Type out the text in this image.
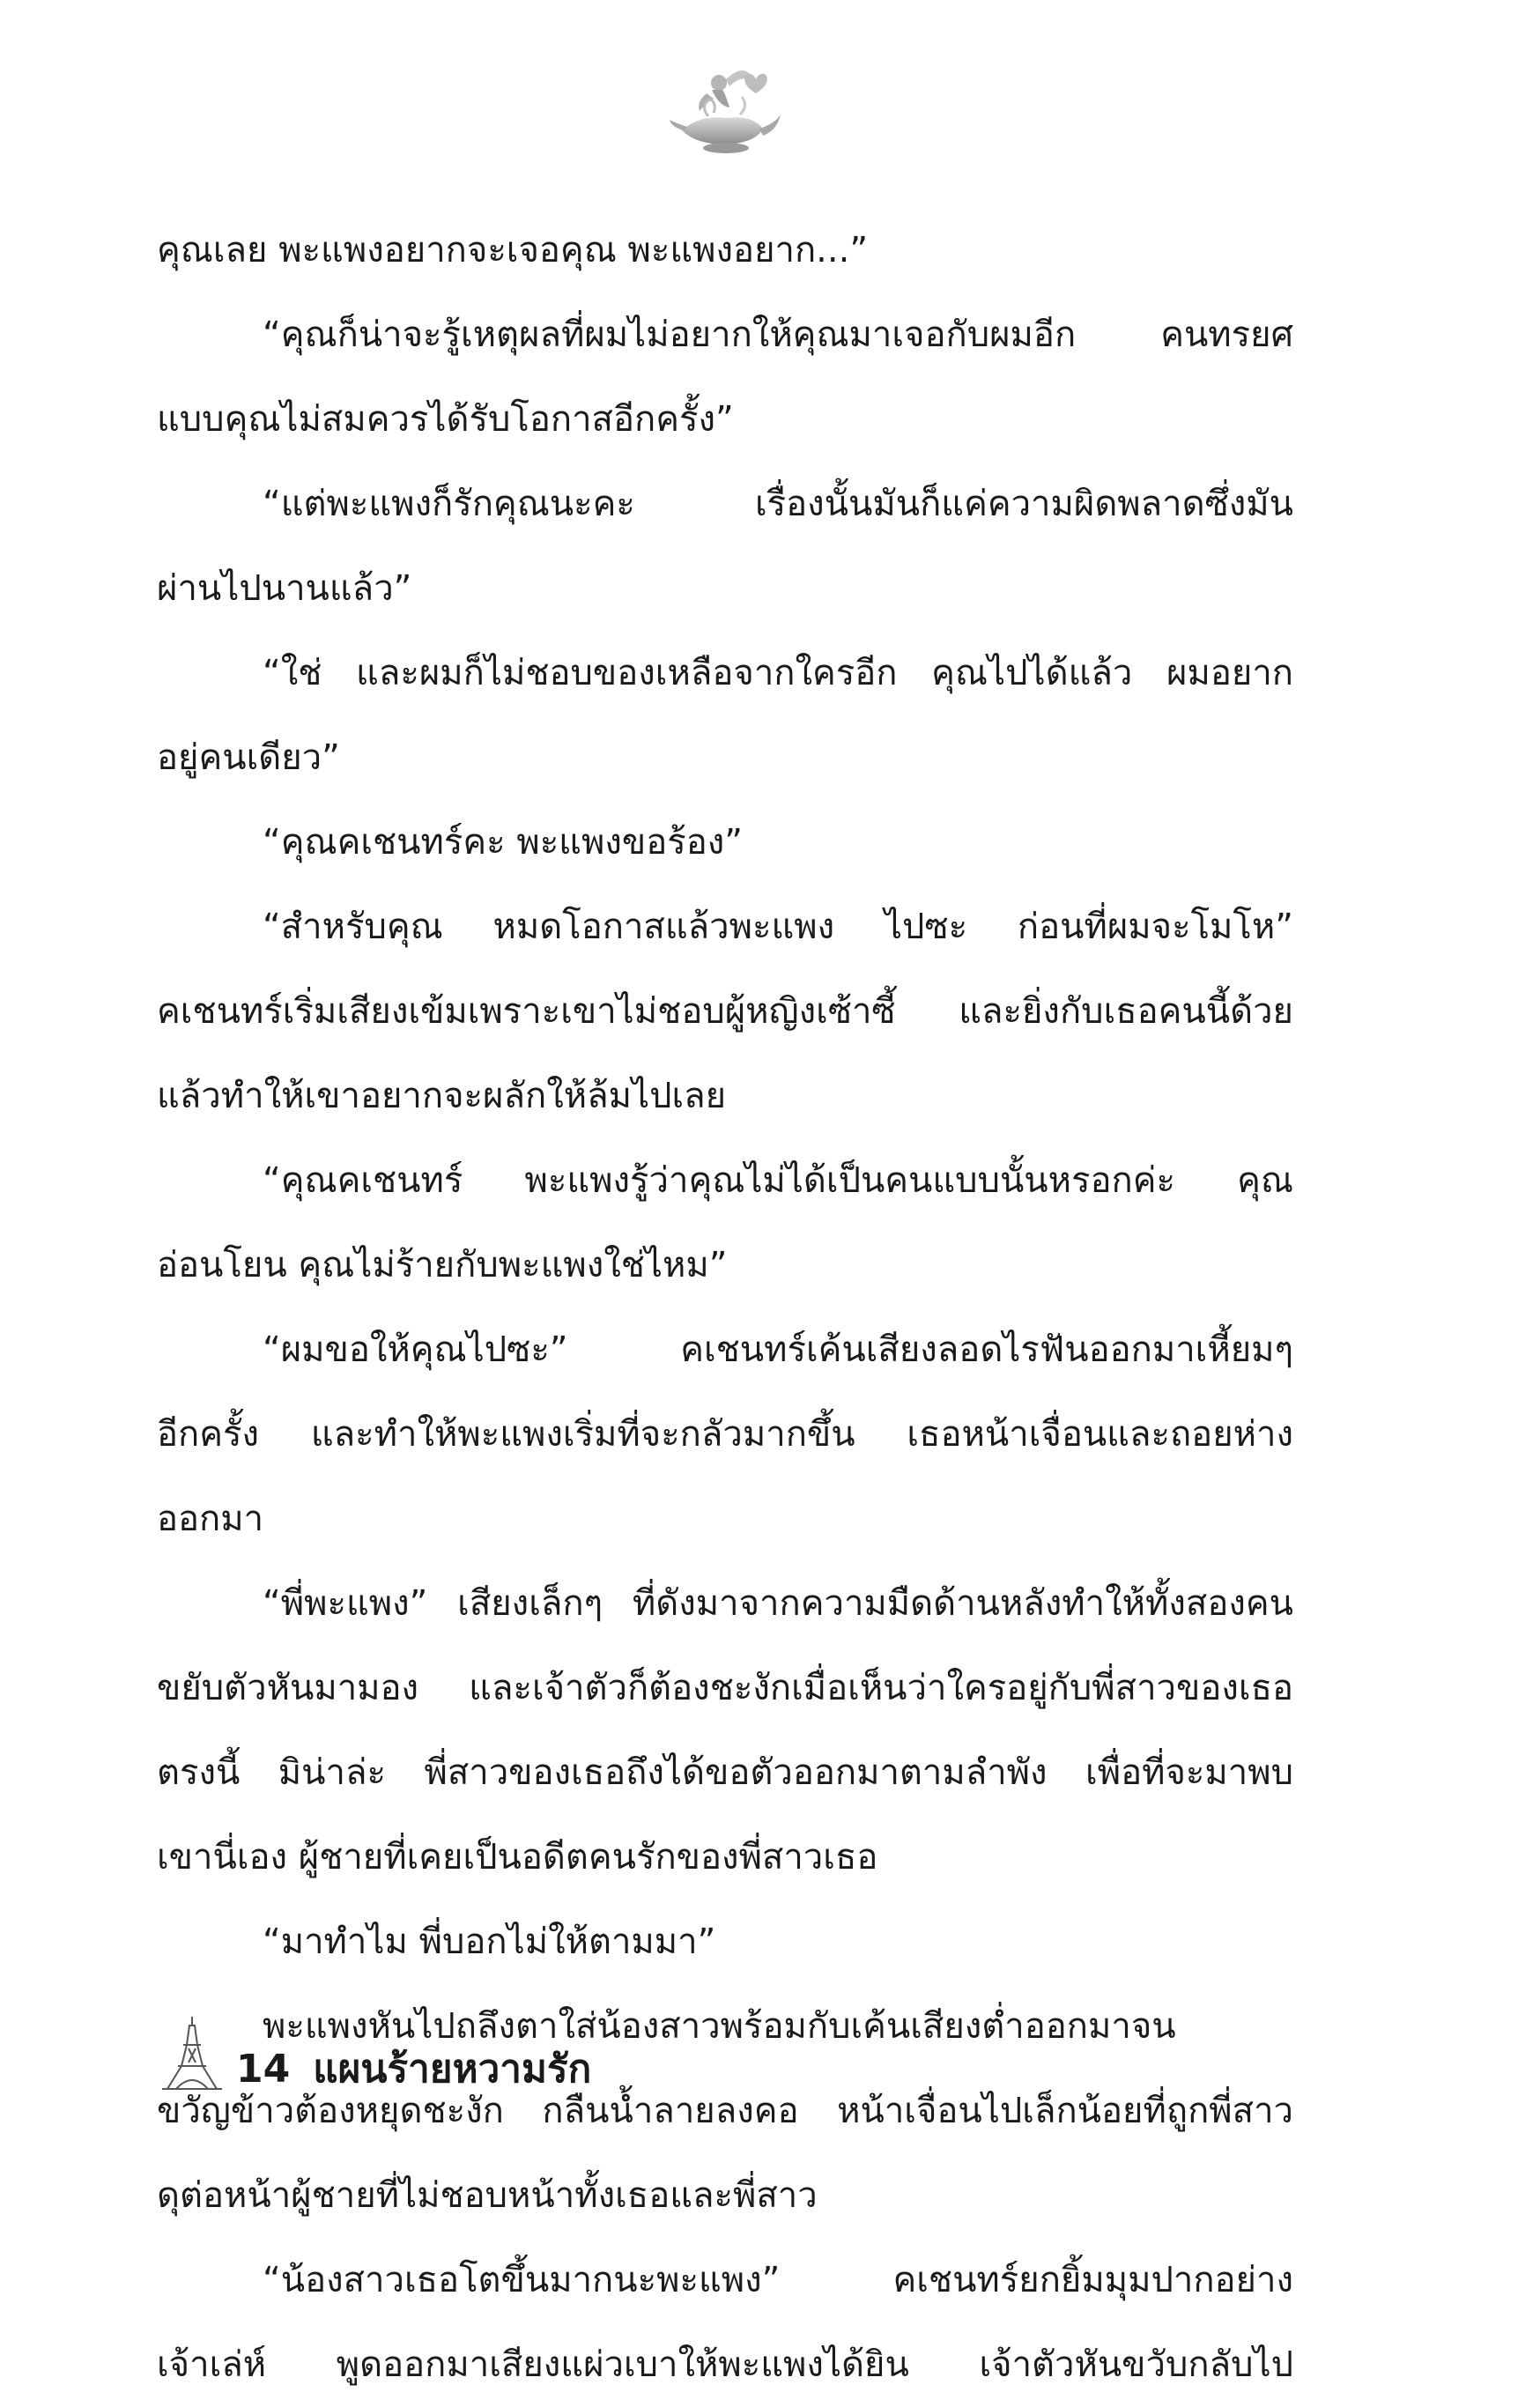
คุณเลย พะแพงอยากจะเจอคุณ พะแพงอยาก...”
“คุณก็น่าจะรู้เหตุผลที่ผมไม่อยากให้คุณมาเจอกับผมอีก คนทรยศ
แบบคุณไม่สมควรได้รับโอกาสอีกครั้ง”
“แต่พะแพงก็รักคุณนะคะ เรื่องนั้นมันก็แค่ความผิดพลาดซึ่งมัน
ผ่านไปนานแล้ว”
“ใช่ และผมก็ไม่ชอบของเหลือจากใครอีก คุณไปได้แล้ว ผมอยาก
อยู่คนเดียว”
“คุณคเชนทร์คะ พะแพงขอร้อง”
“สำหรับคุณ หมดโอกาสแล้วพะแพง ไปซะ ก่อนที่ผมจะโมโห”
คเชนทร์เริ่มเสียงเข้มเพราะเขาไม่ชอบผู้หญิงเซ้าซี้ และยิ่งกับเธอคนนี้ด้วย
แล้วทำให้เขาอยากจะผลักให้ล้มไปเลย
“คุณคเชนทร์ พะแพงรู้ว่าคุณไม่ได้เป็นคนแบบนั้นหรอกค่ะ คุณ
อ่อนโยน คุณไม่ร้ายกับพะแพงใช่ไหม”
“ผมขอให้คุณไปซะ” คเชนทร์เค้นเสียงลอดไรฟันออกมาเหี้ยมๆ
อีกครั้ง และทำให้พะแพงเริ่มที่จะกลัวมากขึ้น เธอหน้าเจื่อนและถอยห่าง
ออกมา
“พี่พะแพง” เสียงเล็กๆ ที่ดังมาจากความมืดด้านหลังทำให้ทั้งสองคน
ขยับตัวหันมามอง และเจ้าตัวก็ต้องชะงักเมื่อเห็นว่าใครอยู่กับพี่สาวของเธอ
ตรงนี้ มิน่าล่ะ พี่สาวของเธอถึงได้ขอตัวออกมาตามลำพัง เพื่อที่จะมาพบ
เขานี่เอง ผู้ชายที่เคยเป็นอดีตคนรักของพี่สาวเธอ
“มาทำไม พี่บอกไม่ให้ตามมา”
พะแพงหันไปถลึงตาใส่น้องสาวพร้อมกับเค้นเสียงต่ำออกมาจน
ขวัญข้าวต้องหยุดชะงัก กลืนน้ำลายลงคอ หน้าเจื่อนไปเล็กน้อยที่ถูกพี่สาว
ดุต่อหน้าผู้ชายที่ไม่ชอบหน้าทั้งเธอและพี่สาว
“น้องสาวเธอโตขึ้นมากนะพะแพง” คเชนทร์ยกยิ้มมุมปากอย่าง
เจ้าเล่ห์ พูดออกมาเสียงแผ่วเบาให้พะแพงได้ยิน เจ้าตัวหันขวับกลับไป
14 แผนร้ายหวามรัก
